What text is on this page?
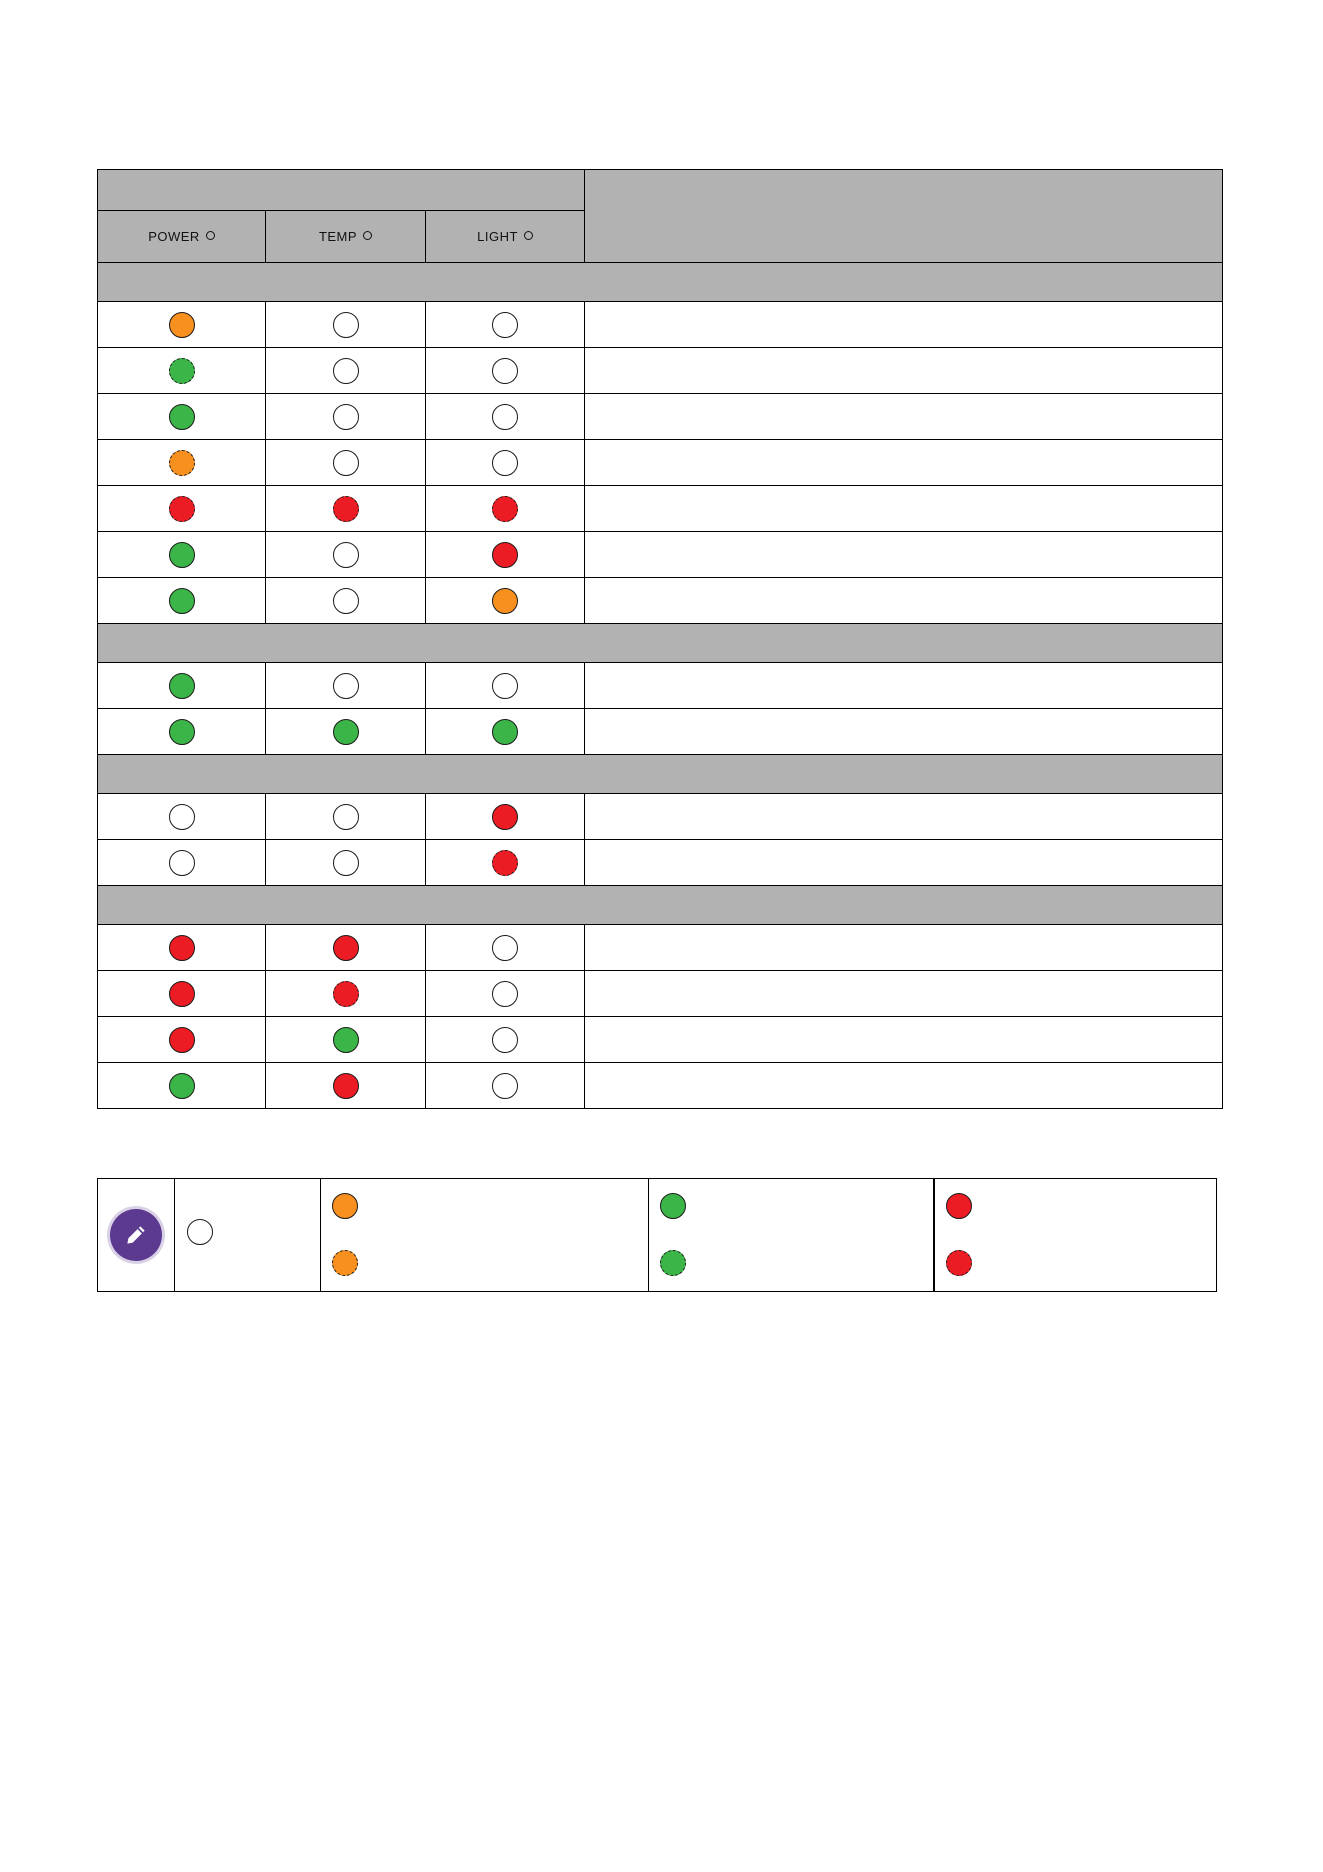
POWER	TEMP	LIGHT	
